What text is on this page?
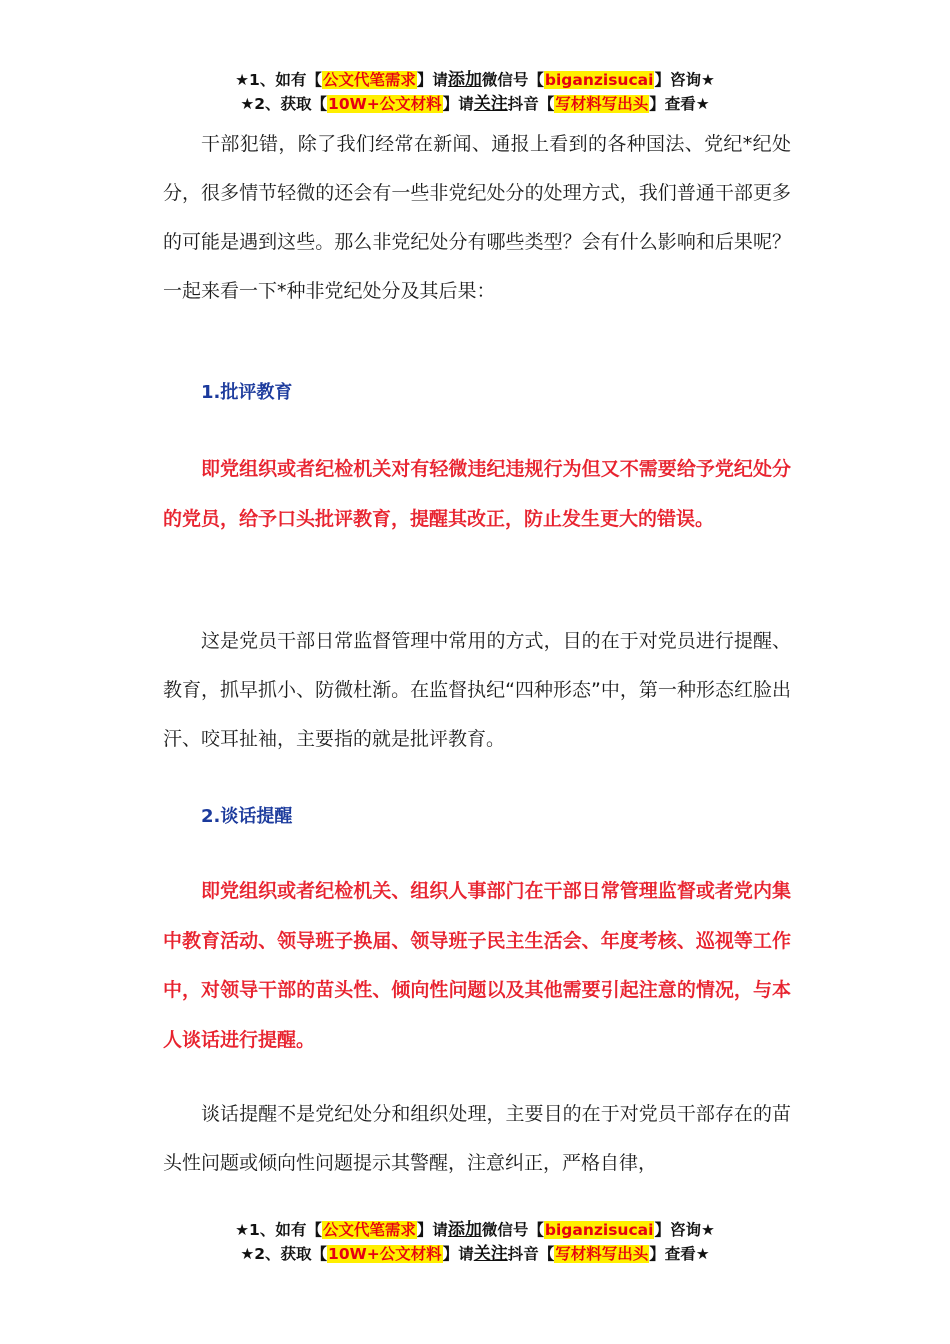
★1、如有【公文代笔需求】请添加微信号【biganzisucai】咨询★
★2、获取【10W+公文材料】请关注抖音【写材料写出头】查看★

干部犯错，除了我们经常在新闻、通报上看到的各种国法、党纪*纪处分，很多情节轻微的还会有一些非党纪处分的处理方式，我们普通干部更多的可能是遇到这些。那么非党纪处分有哪些类型？会有什么影响和后果呢？一起来看一下*种非党纪处分及其后果：

1.批评教育

即党组织或者纪检机关对有轻微违纪违规行为但又不需要给予党纪处分的党员，给予口头批评教育，提醒其改正，防止发生更大的错误。

这是党员干部日常监督管理中常用的方式，目的在于对党员进行提醒、教育，抓早抓小、防微杜渐。在监督执纪“四种形态”中，第一种形态红脸出汗、咬耳扯袖，主要指的就是批评教育。

2.谈话提醒

即党组织或者纪检机关、组织人事部门在干部日常管理监督或者党内集中教育活动、领导班子换届、领导班子民主生活会、年度考核、巡视等工作中，对领导干部的苗头性、倾向性问题以及其他需要引起注意的情况，与本人谈话进行提醒。

谈话提醒不是党纪处分和组织处理，主要目的在于对党员干部存在的苗头性问题或倾向性问题提示其警醒，注意纠正，严格自律，

★1、如有【公文代笔需求】请添加微信号【biganzisucai】咨询★
★2、获取【10W+公文材料】请关注抖音【写材料写出头】查看★
